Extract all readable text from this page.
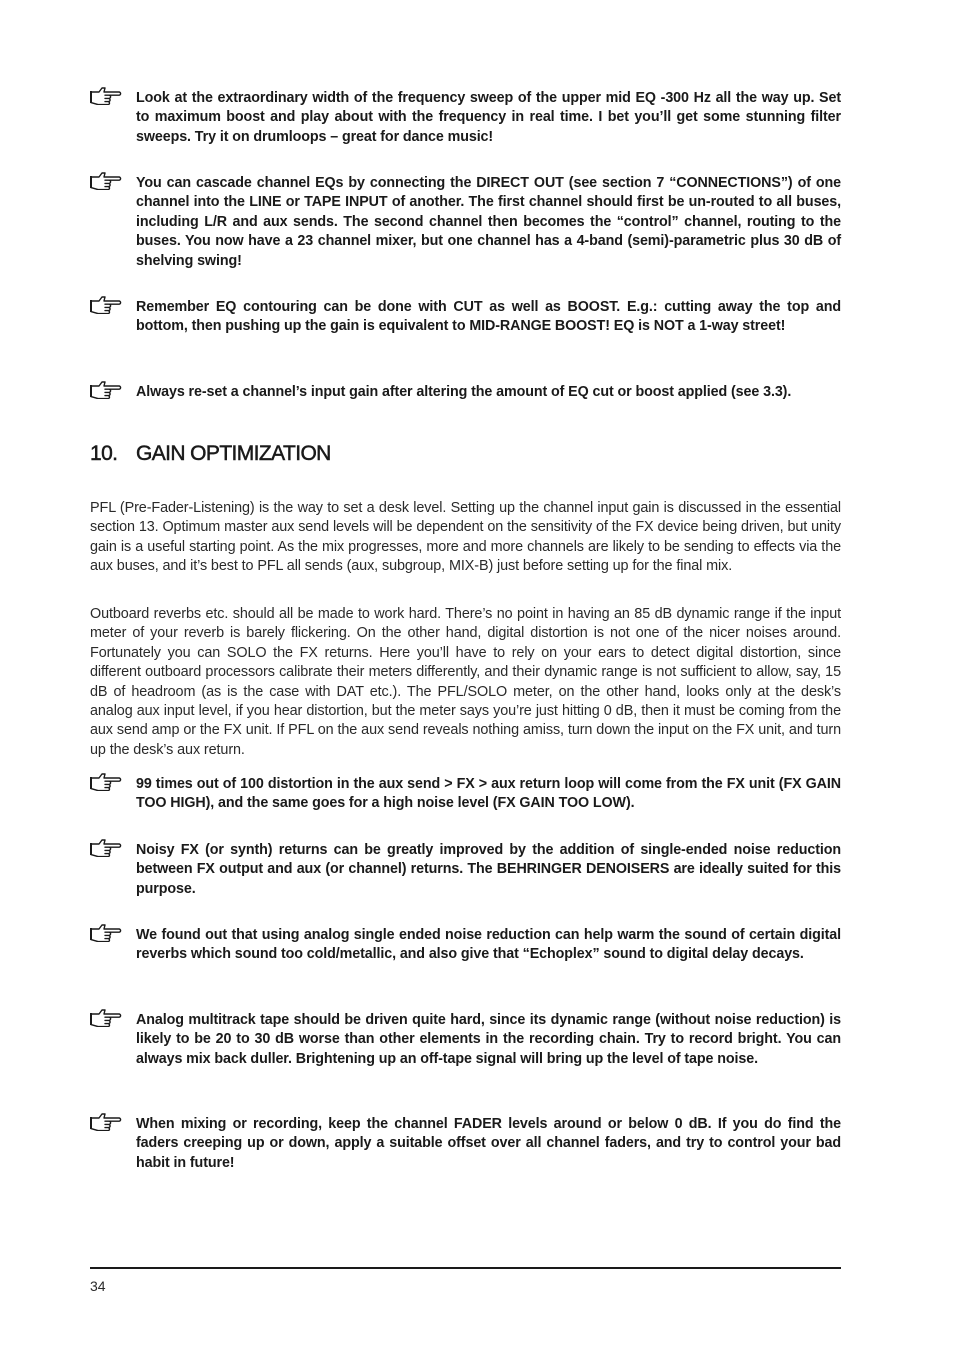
Look at the extraordinary width of the frequency sweep of the upper mid EQ -300 Hz all the way up. Set to maximum boost and play about with the frequency in real time. I bet you’ll get some stunning filter sweeps. Try it on drumloops – great for dance music!
You can cascade channel EQs by connecting the DIRECT OUT (see section 7 “CONNECTIONS”) of one channel into the LINE or TAPE INPUT of another. The first channel should first be un-routed to all buses, including L/R and aux sends. The second channel then becomes the “control” channel, routing to the buses. You now have a 23 channel mixer, but one channel has a 4-band (semi)-parametric plus 30 dB of shelving swing!
Remember EQ contouring can be done with CUT as well as BOOST. E.g.: cutting away the top and bottom, then pushing up the gain is equivalent to MID-RANGE BOOST! EQ is NOT a 1-way street!
Always re-set a channel’s input gain after altering the amount of EQ cut or boost applied (see 3.3).
10. GAIN OPTIMIZATION
PFL (Pre-Fader-Listening) is the way to set a desk level. Setting up the channel input gain is discussed in the essential section 13. Optimum master aux send levels will be dependent on the sensitivity of the FX device being driven, but unity gain is a useful starting point. As the mix progresses, more and more channels are likely to be sending to effects via the aux buses, and it’s best to PFL all sends (aux, subgroup, MIX-B) just before setting up for the final mix.
Outboard reverbs etc. should all be made to work hard. There’s no point in having an 85 dB dynamic range if the input meter of your reverb is barely flickering. On the other hand, digital distortion is not one of the nicer noises around. Fortunately you can SOLO the FX returns. Here you’ll have to rely on your ears to detect digital distortion, since different outboard processors calibrate their meters differently, and their dynamic range is not sufficient to allow, say, 15 dB of headroom (as is the case with DAT etc.). The PFL/SOLO meter, on the other hand, looks only at the desk’s analog aux input level, if you hear distortion, but the meter says you’re just hitting 0 dB, then it must be coming from the aux send amp or the FX unit. If PFL on the aux send reveals nothing amiss, turn down the input on the FX unit, and turn up the desk’s aux return.
99 times out of 100 distortion in the aux send > FX > aux return loop will come from the FX unit (FX GAIN TOO HIGH), and the same goes for a high noise level (FX GAIN TOO LOW).
Noisy FX (or synth) returns can be greatly improved by the addition of single-ended noise reduction between FX output and aux (or channel) returns. The BEHRINGER DENOISERS are ideally suited for this purpose.
We found out that using analog single ended noise reduction can help warm the sound of certain digital reverbs which sound too cold/metallic, and also give that “Echoplex” sound to digital delay decays.
Analog multitrack tape should be driven quite hard, since its dynamic range (without noise reduction) is likely to be 20 to 30 dB worse than other elements in the recording chain. Try to record bright. You can always mix back duller. Brightening up an off-tape signal will bring up the level of tape noise.
When mixing or recording, keep the channel FADER levels around or below 0 dB. If you do find the faders creeping up or down, apply a suitable offset over all channel faders, and try to control your bad habit in future!
34
